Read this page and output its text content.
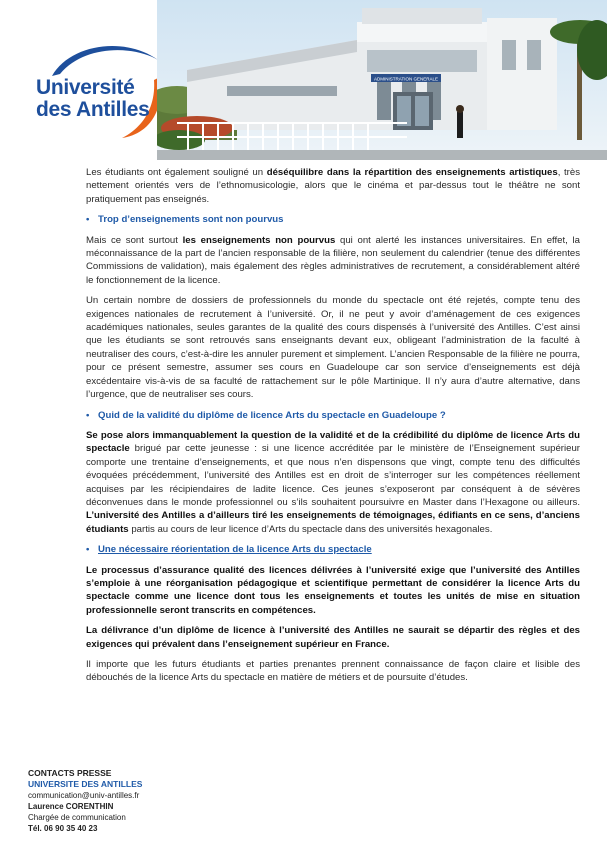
Université
des Antilles
ADMINISTRATION GENERALE

Les étudiants ont également souligné un déséquilibre dans la répartition des enseignements artistiques, très nettement orientés vers de l’ethnomusicologie, alors que le cinéma et par-dessus tout le théâtre ne sont pratiquement pas enseignés.

• Trop d’enseignements sont non pourvus

Mais ce sont surtout les enseignements non pourvus qui ont alerté les instances universitaires. En effet, la méconnaissance de la part de l’ancien responsable de la filière, non seulement du calendrier (tenue des différentes Commissions de validation), mais également des règles administratives de recrutement, a considérablement altéré le fonctionnement de la licence.

Un certain nombre de dossiers de professionnels du monde du spectacle ont été rejetés, compte tenu des exigences nationales de recrutement à l’université. Or, il ne peut y avoir d’aménagement de ces exigences académiques nationales, seules garantes de la qualité des cours dispensés à l’université des Antilles. C’est ainsi que les étudiants se sont retrouvés sans enseignants devant eux, obligeant l’administration de la faculté à neutraliser des cours, c’est-à-dire les annuler purement et simplement. L’ancien Responsable de la filière ne pourra, pour ce présent semestre, assumer ses cours en Guadeloupe car son service d’enseignements est déjà excédentaire vis-à-vis de sa faculté de rattachement sur le pôle Martinique. Il n’y aura d’autre alternative, dans l’urgence, que de neutraliser ses cours.

• Quid de la validité du diplôme de licence Arts du spectacle en Guadeloupe ?

Se pose alors immanquablement la question de la validité et de la crédibilité du diplôme de licence Arts du spectacle brigué par cette jeunesse : si une licence accréditée par le ministère de l’Enseignement supérieur comporte une trentaine d’enseignements, et que nous n’en dispensons que vingt, compte tenu des difficultés évoquées précédemment, l’université des Antilles est en droit de s’interroger sur les compétences réellement acquises par les récipiendaires de ladite licence. Ces jeunes s’exposeront par conséquent à de sévères déconvenues dans le monde professionnel ou s’ils souhaitent poursuivre en Master dans l’Hexagone ou ailleurs. L’université des Antilles a d’ailleurs tiré les enseignements de témoignages, édifiants en ce sens, d’anciens étudiants partis au cours de leur licence d’Arts du spectacle dans des universités hexagonales.

• Une nécessaire réorientation de la licence Arts du spectacle

Le processus d’assurance qualité des licences délivrées à l’université exige que l’université des Antilles s’emploie à une réorganisation pédagogique et scientifique permettant de considérer la licence Arts du spectacle comme une licence dont tous les enseignements et toutes les unités de mise en situation professionnelle seront transcrits en compétences.

La délivrance d’un diplôme de licence à l’université des Antilles ne saurait se départir des règles et des exigences qui prévalent dans l’enseignement supérieur en France.

Il importe que les futurs étudiants et parties prenantes prennent connaissance de façon claire et lisible des débouchés de la licence Arts du spectacle en matière de métiers et de poursuite d’études.

CONTACTS PRESSE
UNIVERSITE DES ANTILLES
communication@univ-antilles.fr
Laurence CORENTHIN
Chargée de communication
Tél. 06 90 35 40 23
